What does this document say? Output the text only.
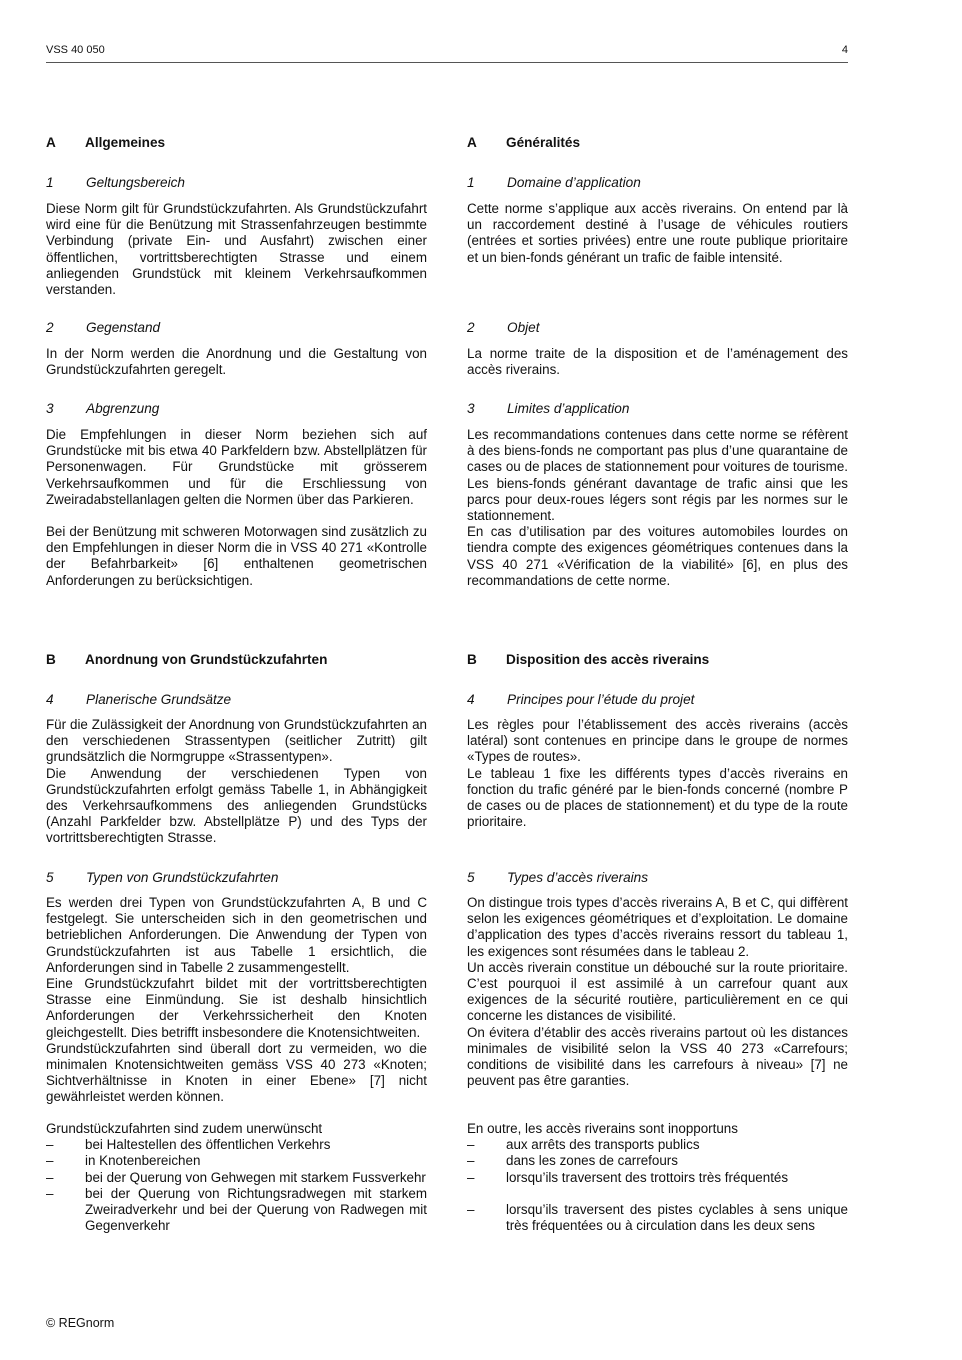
VSS 40 050	4
A Allgemeines
1 Geltungsbereich

Diese Norm gilt für Grundstückzufahrten. Als Grundstückzufahrt wird eine für die Benützung mit Strassenfahrzeugen bestimmte Verbindung (private Ein- und Ausfahrt) zwischen einer öffentlichen, vortrittsberechtigten Strasse und einem anliegenden Grundstück mit kleinem Verkehrsaufkommen verstanden.

2 Gegenstand

In der Norm werden die Anordnung und die Gestaltung von Grundstückzufahrten geregelt.

3 Abgrenzung

Die Empfehlungen in dieser Norm beziehen sich auf Grundstücke mit bis etwa 40 Parkfeldern bzw. Abstellplätzen für Personenwagen. Für Grundstücke mit grösserem Verkehrsaufkommen und für die Erschliessung von Zweiradabstellanlagen gelten die Normen über das Parkieren.

Bei der Benützung mit schweren Motorwagen sind zusätzlich zu den Empfehlungen in dieser Norm die in VSS 40 271 «Kontrolle der Befahrbarkeit» [6] enthaltenen geometrischen Anforderungen zu berücksichtigen.

B Anordnung von Grundstückzufahrten
4 Planerische Grundsätze

Für die Zulässigkeit der Anordnung von Grundstückzufahrten an den verschiedenen Strassentypen (seitlicher Zutritt) gilt grundsätzlich die Normgruppe «Strassentypen».

Die Anwendung der verschiedenen Typen von Grundstückzufahrten erfolgt gemäss Tabelle 1, in Abhängigkeit des Verkehrsaufkommens des anliegenden Grundstücks (Anzahl Parkfelder bzw. Abstellplätze P) und des Typs der vortrittsberechtigten Strasse.

5 Typen von Grundstückzufahrten

Es werden drei Typen von Grundstückzufahrten A, B und C festgelegt. Sie unterscheiden sich in den geometrischen und betrieblichen Anforderungen. Die Anwendung der Typen von Grundstückzufahrten ist aus Tabelle 1 ersichtlich, die Anforderungen sind in Tabelle 2 zusammengestellt.

Eine Grundstückzufahrt bildet mit der vortrittsberechtigten Strasse eine Einmündung. Sie ist deshalb hinsichtlich Anforderungen der Verkehrssicherheit den Knoten gleichgestellt. Dies betrifft insbesondere die Knotensichtweiten.

Grundstückzufahrten sind überall dort zu vermeiden, wo die minimalen Knotensichtweiten gemäss VSS 40 273 «Knoten; Sichtverhältnisse in Knoten in einer Ebene» [7] nicht gewährleistet werden können.

Grundstückzufahrten sind zudem unerwünscht

– bei Haltestellen des öffentlichen Verkehrs
– in Knotenbereichen
– bei der Querung von Gehwegen mit starkem Fussverkehr
– bei der Querung von Richtungsradwegen mit starkem Zweiradverkehr und bei der Querung von Radwegen mit Gegenverkehr
A Généralités
1 Domaine d’application

Cette norme s’applique aux accès riverains. On entend par là un raccordement destiné à l’usage de véhicules routiers (entrées et sorties privées) entre une route publique prioritaire et un bien-fonds générant un trafic de faible intensité.

2 Objet

La norme traite de la disposition et de l’aménagement des accès riverains.

3 Limites d’application

Les recommandations contenues dans cette norme se réfèrent à des biens-fonds ne comportant pas plus d’une quarantaine de cases ou de places de stationnement pour voitures de tourisme. Les biens-fonds générant davantage de trafic ainsi que les parcs pour deux-roues légers sont régis par les normes sur le stationnement.

En cas d’utilisation par des voitures automobiles lourdes on tiendra compte des exigences géométriques contenues dans la VSS 40 271 «Vérification de la viabilité» [6], en plus des recommandations de cette norme.

B Disposition des accès riverains
4 Principes pour l’étude du projet

Les règles pour l’établissement des accès riverains (accès latéral) sont contenues en principe dans le groupe de normes «Types de routes».

Le tableau 1 fixe les différents types d’accès riverains en fonction du trafic généré par le bien-fonds concerné (nombre P de cases ou de places de stationnement) et du type de la route prioritaire.

5 Types d’accès riverains

On distingue trois types d’accès riverains A, B et C, qui diffèrent selon les exigences géométriques et d’exploitation. Le domaine d’application des types d’accès riverains ressort du tableau 1, les exigences sont résumées dans le tableau 2.

Un accès riverain constitue un débouché sur la route prioritaire. C’est pourquoi il est assimilé à un carrefour quant aux exigences de la sécurité routière, particulièrement en ce qui concerne les distances de visibilité.

On évitera d’établir des accès riverains partout où les distances minimales de visibilité selon la VSS 40 273 «Carrefours; conditions de visibilité dans les carrefours à niveau» [7] ne peuvent pas être garanties.

En outre, les accès riverains sont inopportuns

– aux arrêts des transports publics
– dans les zones de carrefours
– lorsqu’ils traversent des trottoirs très fréquentés
– lorsqu’ils traversent des pistes cyclables à sens unique très fréquentées ou à circulation dans les deux sens
© REGnorm
